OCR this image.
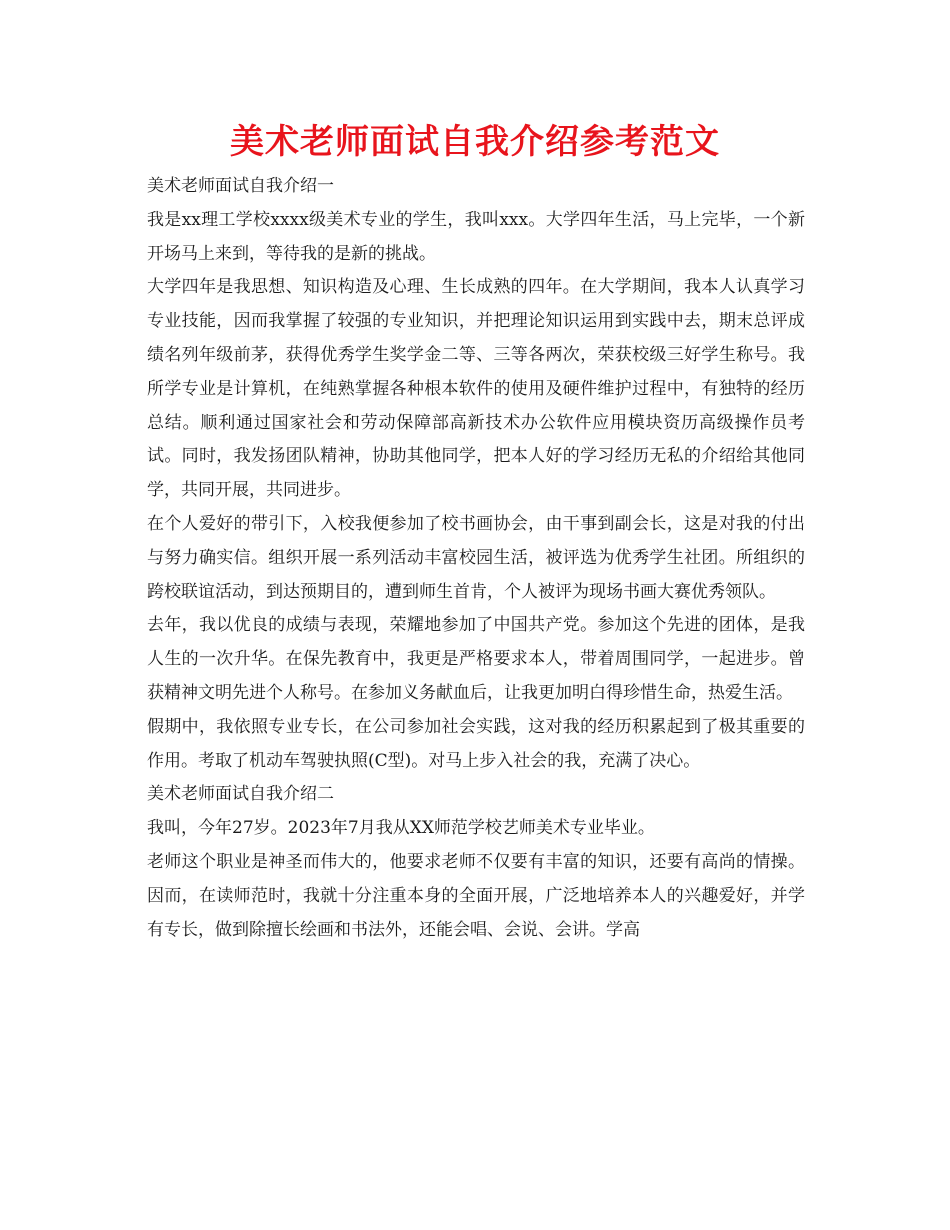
美术老师面试自我介绍参考范文

美术老师面试自我介绍一

我是xx理工学校xxxx级美术专业的学生，我叫xxx。大学四年生活，马上完毕，一个新开场马上来到，等待我的是新的挑战。

大学四年是我思想、知识构造及心理、生长成熟的四年。在大学期间，我本人认真学习专业技能，因而我掌握了较强的专业知识，并把理论知识运用到实践中去，期末总评成绩名列年级前茅，获得优秀学生奖学金二等、三等各两次，荣获校级三好学生称号。我所学专业是计算机，在纯熟掌握各种根本软件的使用及硬件维护过程中，有独特的经历总结。顺利通过国家社会和劳动保障部高新技术办公软件应用模块资历高级操作员考试。同时，我发扬团队精神，协助其他同学，把本人好的学习经历无私的介绍给其他同学，共同开展，共同进步。

在个人爱好的带引下，入校我便参加了校书画协会，由干事到副会长，这是对我的付出与努力确实信。组织开展一系列活动丰富校园生活，被评选为优秀学生社团。所组织的跨校联谊活动，到达预期目的，遭到师生首肯，个人被评为现场书画大赛优秀领队。

去年，我以优良的成绩与表现，荣耀地参加了中国共产党。参加这个先进的团体，是我人生的一次升华。在保先教育中，我更是严格要求本人，带着周围同学，一起进步。曾获精神文明先进个人称号。在参加义务献血后，让我更加明白得珍惜生命，热爱生活。

假期中，我依照专业专长，在公司参加社会实践，这对我的经历积累起到了极其重要的作用。考取了机动车驾驶执照(C型)。对马上步入社会的我，充满了决心。

美术老师面试自我介绍二

我叫，今年27岁。2023年7月我从XX师范学校艺师美术专业毕业。

老师这个职业是神圣而伟大的，他要求老师不仅要有丰富的知识，还要有高尚的情操。因而，在读师范时，我就十分注重本身的全面开展，广泛地培养本人的兴趣爱好，并学有专长，做到除擅长绘画和书法外，还能会唱、会说、会讲。学高
